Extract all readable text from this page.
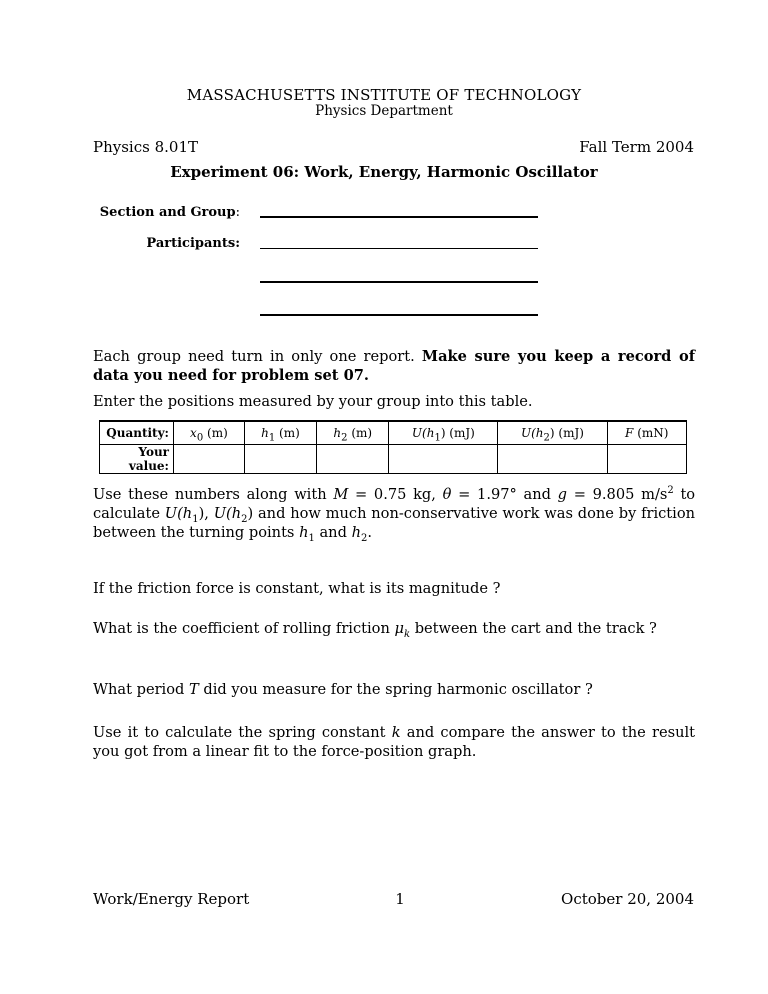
MASSACHUSETTS INSTITUTE OF TECHNOLOGY
Physics Department
Physics 8.01T	Fall Term 2004
Experiment 06: Work, Energy, Harmonic Oscillator
Section and Group:
Participants:
Each group need turn in only one report. Make sure you keep a record of data you need for problem set 07.
Enter the positions measured by your group into this table.
Quantity:	$x_0$ (m)	$h_1$ (m)	$h_2$ (m)	$U(h_1)$ (mJ)	$U(h_2)$ (mJ)	F (mN)
Your value:						
Use these numbers along with M = 0.75 kg, θ = 1.97° and g = 9.805 $m/s^2$ to calculate $U(h_1)$, $U(h_2)$ and how much non-conservative work was done by friction between the turning points $h_1$ and $h_2$.
If the friction force is constant, what is its magnitude ?
What is the coefficient of rolling friction $\mu_k$ between the cart and the track ?
What period T did you measure for the spring harmonic oscillator ?
Use it to calculate the spring constant k and compare the answer to the result you got from a linear fit to the force-position graph.
Work/Energy Report	1	October 20, 2004
